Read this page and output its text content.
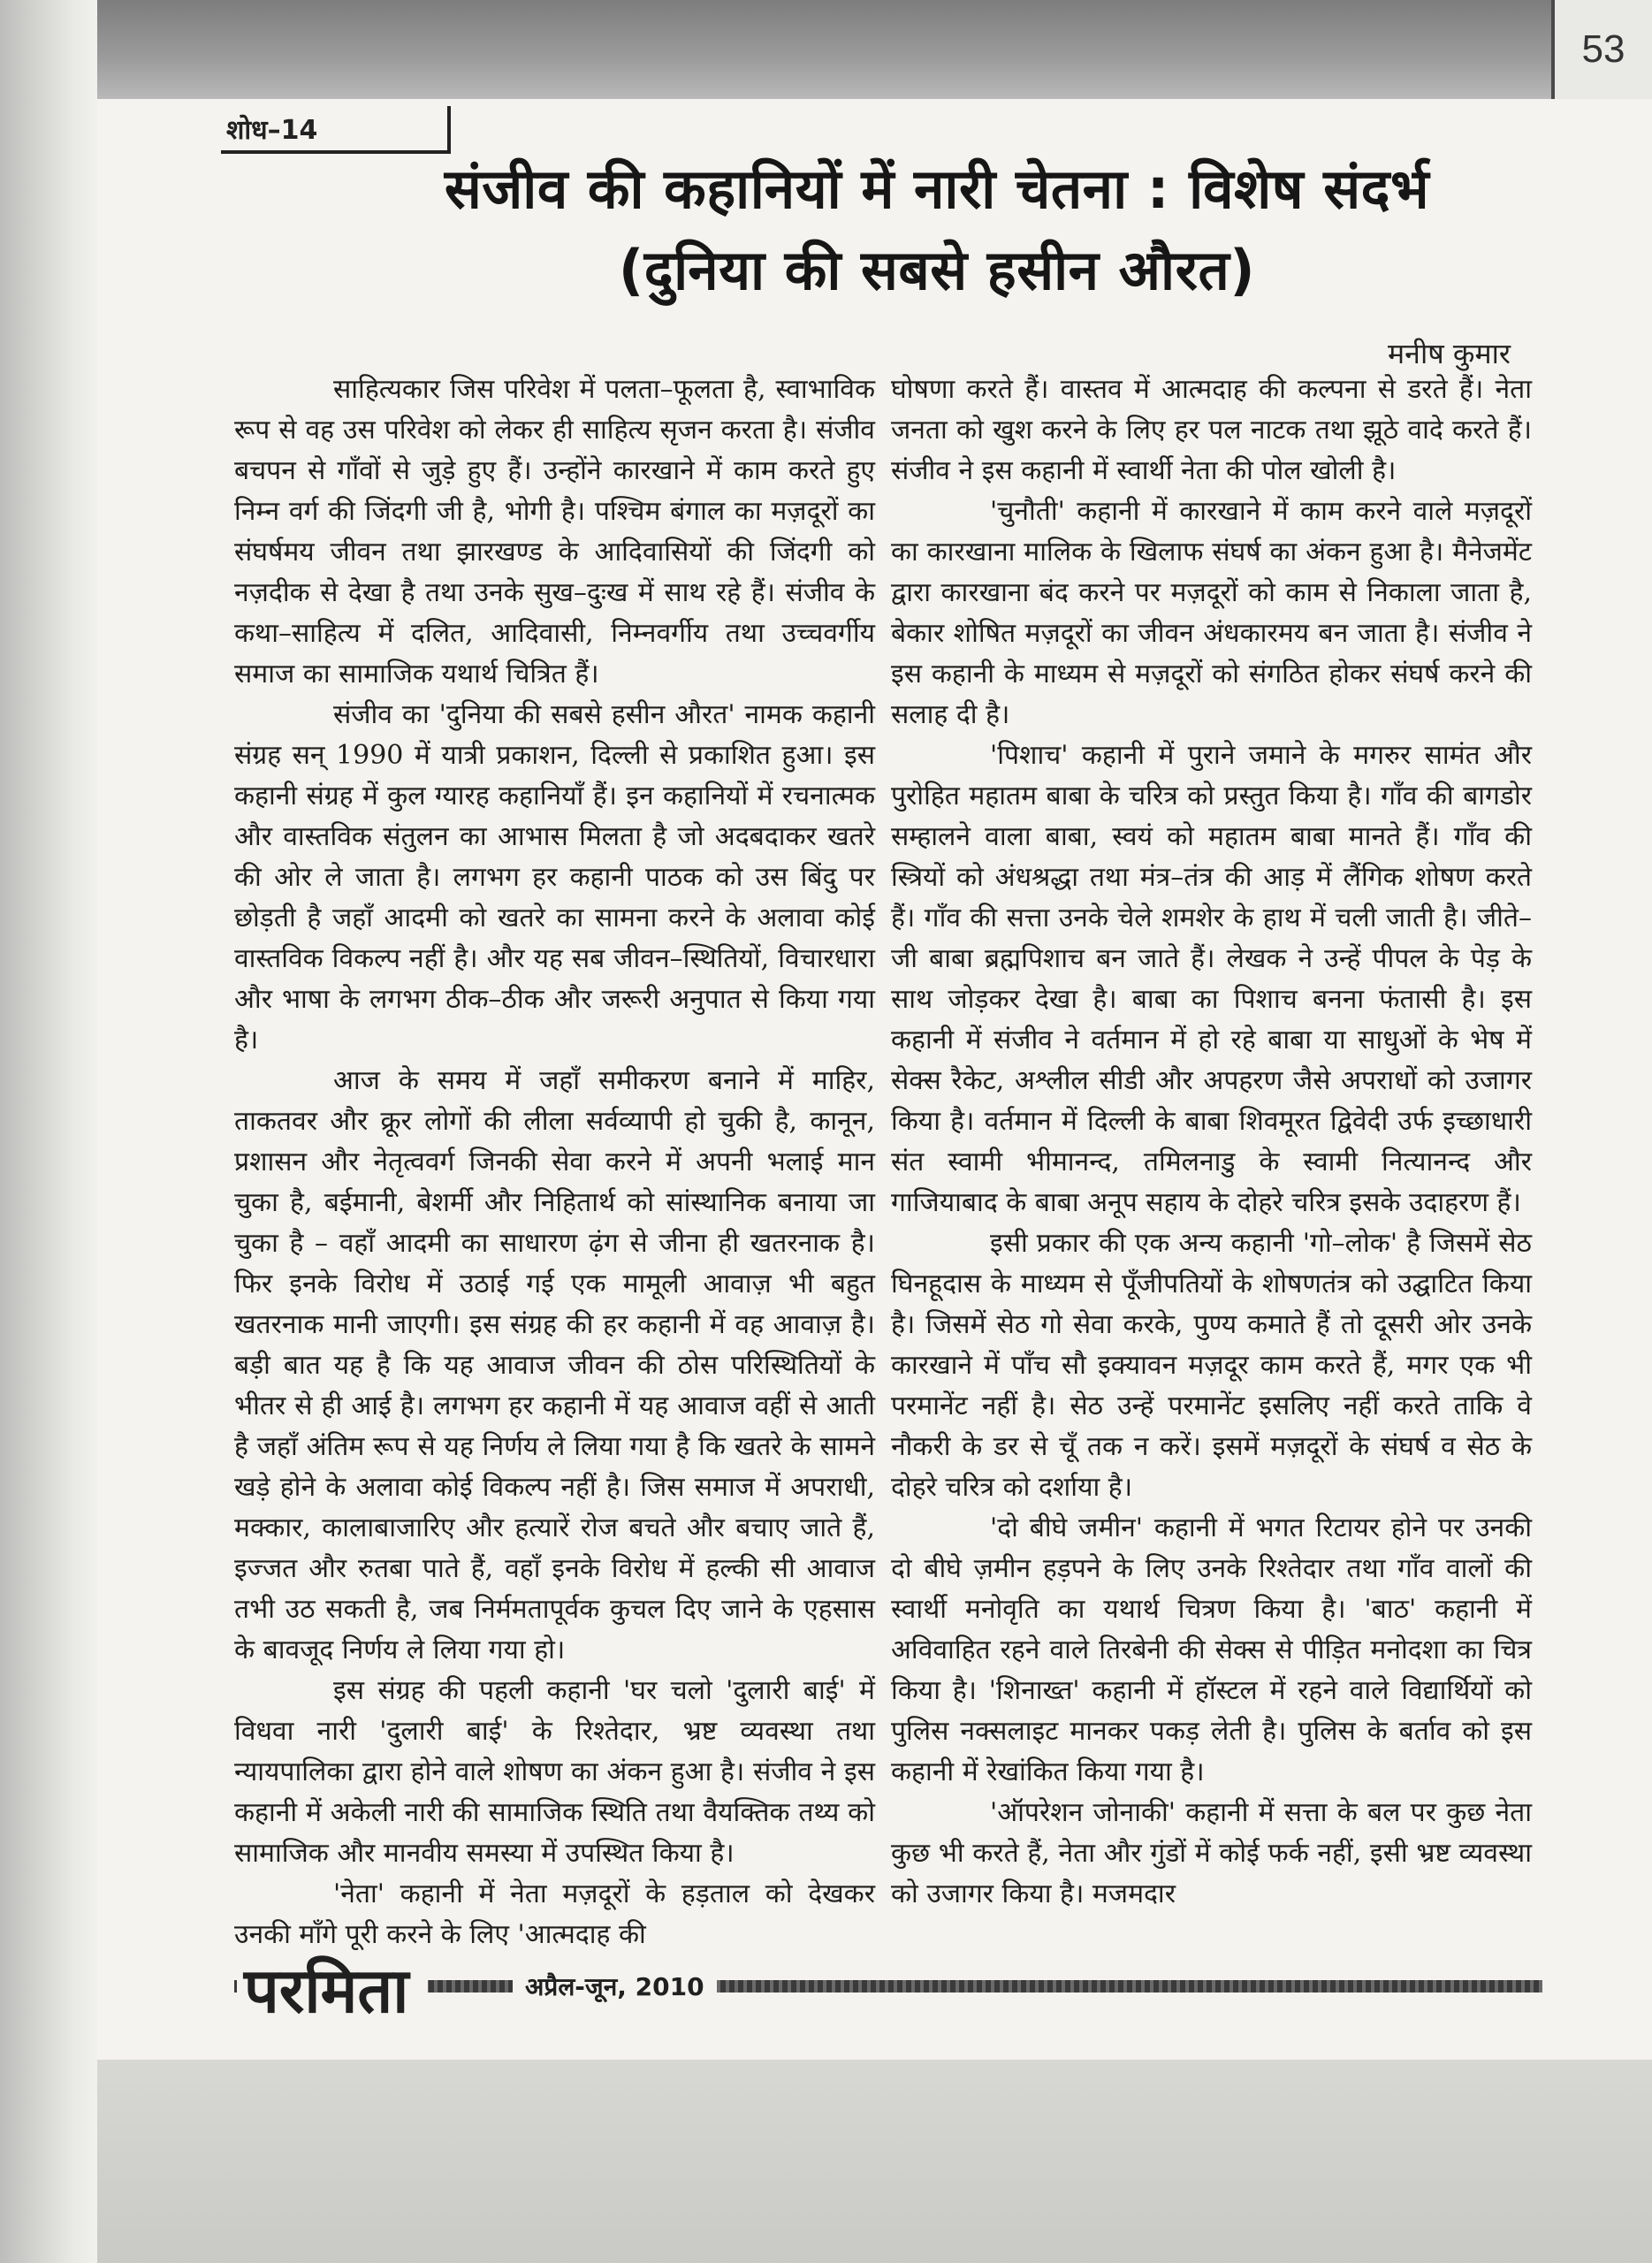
53
शोध–14
संजीव की कहानियों में नारी चेतना : विशेष संदर्भ
(दुनिया की सबसे हसीन औरत)
मनीष कुमार

साहित्यकार जिस परिवेश में पलता–फूलता है, स्वाभाविक रूप से वह उस परिवेश को लेकर ही साहित्य सृजन करता है। संजीव बचपन से गाँवों से जुड़े हुए हैं। उन्होंने कारखाने में काम करते हुए निम्न वर्ग की जिंदगी जी है, भोगी है। पश्चिम बंगाल का मज़दूरों का संघर्षमय जीवन तथा झारखण्ड के आदिवासियों की जिंदगी को नज़दीक से देखा है तथा उनके सुख–दुःख में साथ रहे हैं। संजीव के कथा–साहित्य में दलित, आदिवासी, निम्नवर्गीय तथा उच्चवर्गीय समाज का सामाजिक यथार्थ चित्रित हैं।

संजीव का 'दुनिया की सबसे हसीन औरत' नामक कहानी संग्रह सन् 1990 में यात्री प्रकाशन, दिल्ली से प्रकाशित हुआ। इस कहानी संग्रह में कुल ग्यारह कहानियाँ हैं। इन कहानियों में रचनात्मक और वास्तविक संतुलन का आभास मिलता है जो अदबदाकर खतरे की ओर ले जाता है। लगभग हर कहानी पाठक को उस बिंदु पर छोड़ती है जहाँ आदमी को खतरे का सामना करने के अलावा कोई वास्तविक विकल्प नहीं है। और यह सब जीवन–स्थितियों, विचारधारा और भाषा के लगभग ठीक–ठीक और जरूरी अनुपात से किया गया है।

आज के समय में जहाँ समीकरण बनाने में माहिर, ताकतवर और क्रूर लोगों की लीला सर्वव्यापी हो चुकी है, कानून, प्रशासन और नेतृत्ववर्ग जिनकी सेवा करने में अपनी भलाई मान चुका है, बईमानी, बेशर्मी और निहितार्थ को सांस्थानिक बनाया जा चुका है – वहाँ आदमी का साधारण ढ़ंग से जीना ही खतरनाक है। फिर इनके विरोध में उठाई गई एक मामूली आवाज़ भी बहुत खतरनाक मानी जाएगी। इस संग्रह की हर कहानी में वह आवाज़ है। बड़ी बात यह है कि यह आवाज जीवन की ठोस परिस्थितियों के भीतर से ही आई है। लगभग हर कहानी में यह आवाज वहीं से आती है जहाँ अंतिम रूप से यह निर्णय ले लिया गया है कि खतरे के सामने खड़े होने के अलावा कोई विकल्प नहीं है। जिस समाज में अपराधी, मक्कार, कालाबाजारिए और हत्यारें रोज बचते और बचाए जाते हैं, इज्जत और रुतबा पाते हैं, वहाँ इनके विरोध में हल्की सी आवाज तभी उठ सकती है, जब निर्ममतापूर्वक कुचल दिए जाने के एहसास के बावजूद निर्णय ले लिया गया हो।

इस संग्रह की पहली कहानी 'घर चलो 'दुलारी बाई' में विधवा नारी 'दुलारी बाई' के रिश्तेदार, भ्रष्ट व्यवस्था तथा न्यायपालिका द्वारा होने वाले शोषण का अंकन हुआ है। संजीव ने इस कहानी में अकेली नारी की सामाजिक स्थिति तथा वैयक्तिक तथ्य को सामाजिक और मानवीय समस्या में उपस्थित किया है।

'नेता' कहानी में नेता मज़दूरों के हड़ताल को देखकर उनकी माँगे पूरी करने के लिए 'आत्मदाह की

घोषणा करते हैं। वास्तव में आत्मदाह की कल्पना से डरते हैं। नेता जनता को खुश करने के लिए हर पल नाटक तथा झूठे वादे करते हैं। संजीव ने इस कहानी में स्वार्थी नेता की पोल खोली है।

'चुनौती' कहानी में कारखाने में काम करने वाले मज़दूरों का कारखाना मालिक के खिलाफ संघर्ष का अंकन हुआ है। मैनेजमेंट द्वारा कारखाना बंद करने पर मज़दूरों को काम से निकाला जाता है, बेकार शोषित मज़दूरों का जीवन अंधकारमय बन जाता है। संजीव ने इस कहानी के माध्यम से मज़दूरों को संगठित होकर संघर्ष करने की सलाह दी है।

'पिशाच' कहानी में पुराने जमाने के मगरुर सामंत और पुरोहित महातम बाबा के चरित्र को प्रस्तुत किया है। गाँव की बागडोर सम्हालने वाला बाबा, स्वयं को महातम बाबा मानते हैं। गाँव की स्त्रियों को अंधश्रद्धा तथा मंत्र–तंत्र की आड़ में लैंगिक शोषण करते हैं। गाँव की सत्ता उनके चेले शमशेर के हाथ में चली जाती है। जीते–जी बाबा ब्रह्मपिशाच बन जाते हैं। लेखक ने उन्हें पीपल के पेड़ के साथ जोड़कर देखा है। बाबा का पिशाच बनना फंतासी है। इस कहानी में संजीव ने वर्तमान में हो रहे बाबा या साधुओं के भेष में सेक्स रैकेट, अश्लील सीडी और अपहरण जैसे अपराधों को उजागर किया है। वर्तमान में दिल्ली के बाबा शिवमूरत द्विवेदी उर्फ इच्छाधारी संत स्वामी भीमानन्द, तमिलनाडु के स्वामी नित्यानन्द और गाजियाबाद के बाबा अनूप सहाय के दोहरे चरित्र इसके उदाहरण हैं।

इसी प्रकार की एक अन्य कहानी 'गो–लोक' है जिसमें सेठ घिनहूदास के माध्यम से पूँजीपतियों के शोषणतंत्र को उद्घाटित किया है। जिसमें सेठ गो सेवा करके, पुण्य कमाते हैं तो दूसरी ओर उनके कारखाने में पाँच सौ इक्यावन मज़दूर काम करते हैं, मगर एक भी परमानेंट नहीं है। सेठ उन्हें परमानेंट इसलिए नहीं करते ताकि वे नौकरी के डर से चूँ तक न करें। इसमें मज़दूरों के संघर्ष व सेठ के दोहरे चरित्र को दर्शाया है।

'दो बीघे जमीन' कहानी में भगत रिटायर होने पर उनकी दो बीघे ज़मीन हड़पने के लिए उनके रिश्तेदार तथा गाँव वालों की स्वार्थी मनोवृति का यथार्थ चित्रण किया है। 'बाठ' कहानी में अविवाहित रहने वाले तिरबेनी की सेक्स से पीड़ित मनोदशा का चित्र किया है। 'शिनाख्त' कहानी में हॉस्टल में रहने वाले विद्यार्थियों को पुलिस नक्सलाइट मानकर पकड़ लेती है। पुलिस के बर्ताव को इस कहानी में रेखांकित किया गया है।

'ऑपरेशन जोनाकी' कहानी में सत्ता के बल पर कुछ नेता कुछ भी करते हैं, नेता और गुंडों में कोई फर्क नहीं, इसी भ्रष्ट व्यवस्था को उजागर किया है। मजमदार

परमिता	अप्रैल-जून, 2010
